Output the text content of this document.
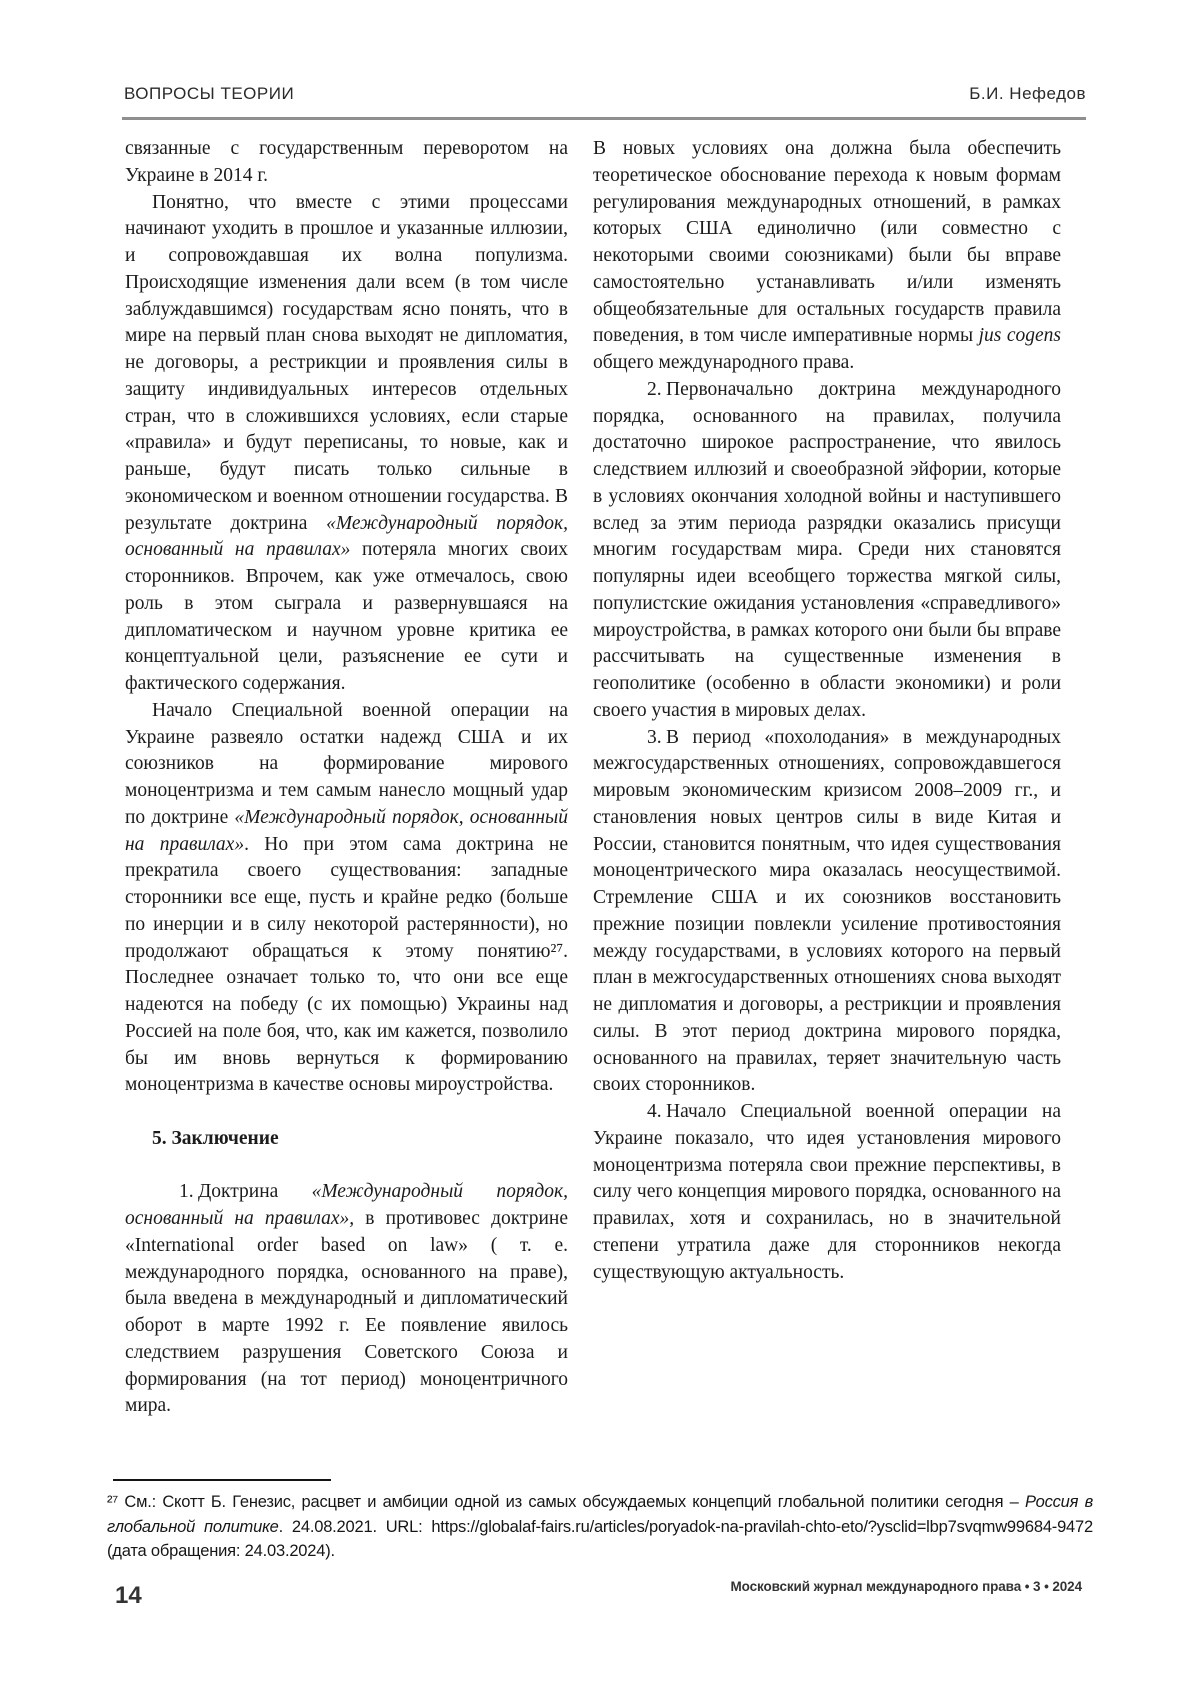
ВОПРОСЫ ТЕОРИИ	Б.И. Нефедов

связанные с государственным переворотом на Украине в 2014 г.

Понятно, что вместе с этими процессами начинают уходить в прошлое и указанные иллюзии, и сопровождавшая их волна популизма. Происходящие изменения дали всем (в том числе заблуждавшимся) государствам ясно понять, что в мире на первый план снова выходят не дипломатия, не договоры, а рестрикции и проявления силы в защиту индивидуальных интересов отдельных стран, что в сложившихся условиях, если старые «правила» и будут переписаны, то новые, как и раньше, будут писать только сильные в экономическом и военном отношении государства. В результате доктрина «Международный порядок, основанный на правилах» потеряла многих своих сторонников. Впрочем, как уже отмечалось, свою роль в этом сыграла и развернувшаяся на дипломатическом и научном уровне критика ее концептуальной цели, разъяснение ее сути и фактического содержания.

Начало Специальной военной операции на Украине развеяло остатки надежд США и их союзников на формирование мирового моноцентризма и тем самым нанесло мощный удар по доктрине «Международный порядок, основанный на правилах». Но при этом сама доктрина не прекратила своего существования: западные сторонники все еще, пусть и крайне редко (больше по инерции и в силу некоторой растерянности), но продолжают обращаться к этому понятию²⁷. Последнее означает только то, что они все еще надеются на победу (с их помощью) Украины над Россией на поле боя, что, как им кажется, позволило бы им вновь вернуться к формированию моноцентризма в качестве основы мироустройства.

5. Заключение

1. Доктрина «Международный порядок, основанный на правилах», в противовес доктрине «International order based on law» ( т. е. международного порядка, основанного на праве), была введена в международный и дипломатический оборот в марте 1992 г. Ее появление явилось следствием разрушения Советского Союза и формирования (на тот период) моноцентричного мира.

В новых условиях она должна была обеспечить теоретическое обоснование перехода к новым формам регулирования международных отношений, в рамках которых США единолично (или совместно с некоторыми своими союзниками) были бы вправе самостоятельно устанавливать и/или изменять общеобязательные для остальных государств правила поведения, в том числе императивные нормы jus cogens общего международного права.

2. Первоначально доктрина международного порядка, основанного на правилах, получила достаточно широкое распространение, что явилось следствием иллюзий и своеобразной эйфории, которые в условиях окончания холодной войны и наступившего вслед за этим периода разрядки оказались присущи многим государствам мира. Среди них становятся популярны идеи всеобщего торжества мягкой силы, популистские ожидания установления «справедливого» мироустройства, в рамках которого они были бы вправе рассчитывать на существенные изменения в геополитике (особенно в области экономики) и роли своего участия в мировых делах.

3. В период «похолодания» в международных межгосударственных отношениях, сопровождавшегося мировым экономическим кризисом 2008–2009 гг., и становления новых центров силы в виде Китая и России, становится понятным, что идея существования моноцентрического мира оказалась неосуществимой. Стремление США и их союзников восстановить прежние позиции повлекли усиление противостояния между государствами, в условиях которого на первый план в межгосударственных отношениях снова выходят не дипломатия и договоры, а рестрикции и проявления силы. В этот период доктрина мирового порядка, основанного на правилах, теряет значительную часть своих сторонников.

4. Начало Специальной военной операции на Украине показало, что идея установления мирового моноцентризма потеряла свои прежние перспективы, в силу чего концепция мирового порядка, основанного на правилах, хотя и сохранилась, но в значительной степени утратила даже для сторонников некогда существующую актуальность.

²⁷ См.: Скотт Б. Генезис, расцвет и амбиции одной из самых обсуждаемых концепций глобальной политики сегодня – Россия в глобальной политике. 24.08.2021. URL: https://globalaf-fairs.ru/articles/poryadok-na-pravilah-chto-eto/?ysclid=lbp7svqmw99684-9472 (дата обращения: 24.03.2024).

14	Московский журнал международного права • 3 • 2024
